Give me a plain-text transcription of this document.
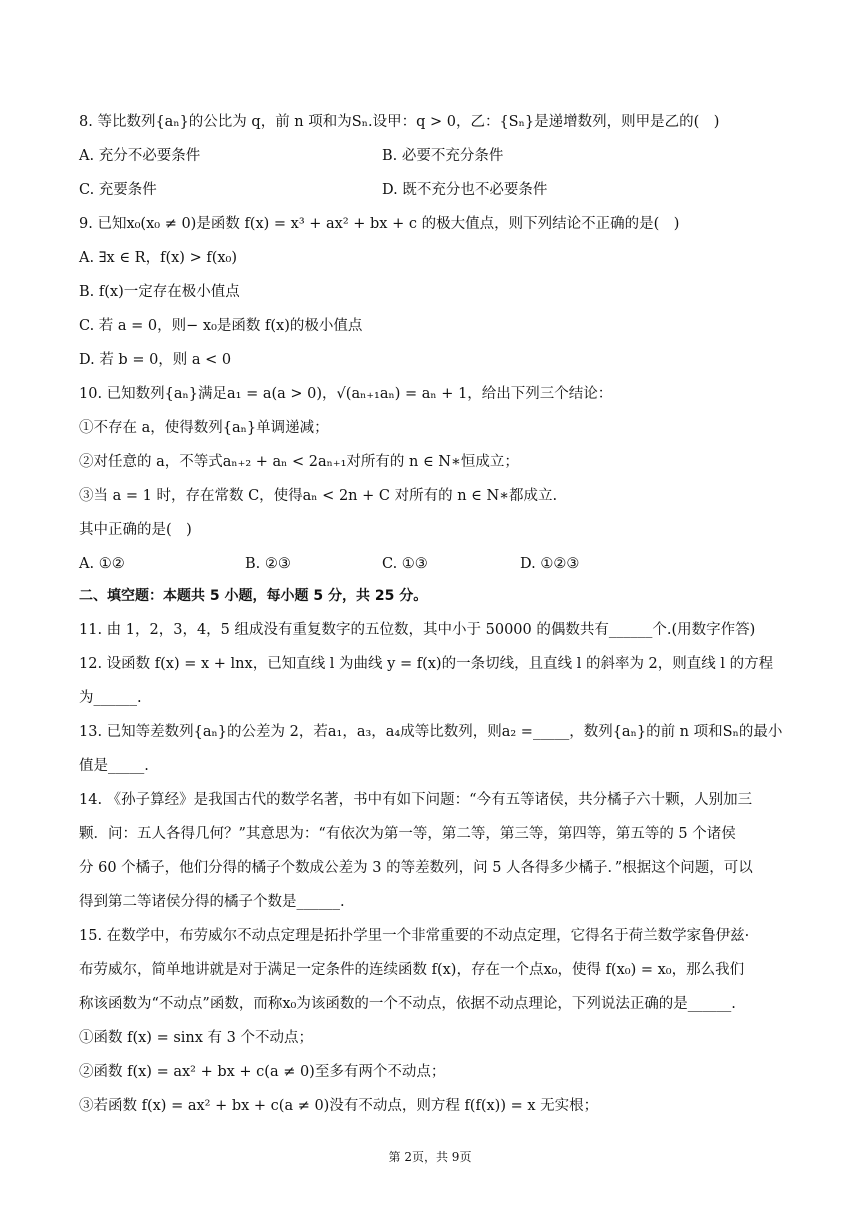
8. 等比数列{aₙ}的公比为 q，前 n 项和为Sₙ.设甲：q > 0，乙：{Sₙ}是递增数列，则甲是乙的(　)
A. 充分不必要条件	B. 必要不充分条件
C. 充要条件	D. 既不充分也不必要条件
9. 已知x₀(x₀ ≠ 0)是函数 f(x) = x³ + ax² + bx + c 的极大值点，则下列结论不正确的是(　)
A. ∃x ∈ R，f(x) > f(x₀)
B. f(x)一定存在极小值点
C. 若 a = 0，则− x₀是函数 f(x)的极小值点
D. 若 b = 0，则 a < 0
10. 已知数列{aₙ}满足a₁ = a(a > 0)，√(aₙ₊₁aₙ) = aₙ + 1，给出下列三个结论：
①不存在 a，使得数列{aₙ}单调递减；
②对任意的 a，不等式aₙ₊₂ + aₙ < 2aₙ₊₁对所有的 n ∈ N∗恒成立；
③当 a = 1 时，存在常数 C，使得aₙ < 2n + C 对所有的 n ∈ N∗都成立.
其中正确的是(　)
A. ①②	B. ②③	C. ①③	D. ①②③
二、填空题：本题共 5 小题，每小题 5 分，共 25 分。
11. 由 1，2，3，4，5 组成没有重复数字的五位数，其中小于 50000 的偶数共有______个.(用数字作答)
12. 设函数 f(x) = x + lnx，已知直线 l 为曲线 y = f(x)的一条切线，且直线 l 的斜率为 2，则直线 l 的方程
为______.
13. 已知等差数列{aₙ}的公差为 2，若a₁，a₃，a₄成等比数列，则a₂ =_____，数列{aₙ}的前 n 项和Sₙ的最小
值是_____.
14. 《孙子算经》是我国古代的数学名著，书中有如下问题：“今有五等诸侯，共分橘子六十颗，人别加三
颗．问：五人各得几何？”其意思为：“有依次为第一等，第二等，第三等，第四等，第五等的 5 个诸侯
分 60 个橘子，他们分得的橘子个数成公差为 3 的等差数列，问 5 人各得多少橘子．”根据这个问题，可以
得到第二等诸侯分得的橘子个数是______.
15. 在数学中，布劳威尔不动点定理是拓扑学里一个非常重要的不动点定理，它得名于荷兰数学家鲁伊兹·
布劳威尔，简单地讲就是对于满足一定条件的连续函数 f(x)，存在一个点x₀，使得 f(x₀) = x₀，那么我们
称该函数为“不动点”函数，而称x₀为该函数的一个不动点，依据不动点理论，下列说法正确的是______.
①函数 f(x) = sinx 有 3 个不动点；
②函数 f(x) = ax² + bx + c(a ≠ 0)至多有两个不动点；
③若函数 f(x) = ax² + bx + c(a ≠ 0)没有不动点，则方程 f(f(x)) = x 无实根；
第 2页，共 9页
